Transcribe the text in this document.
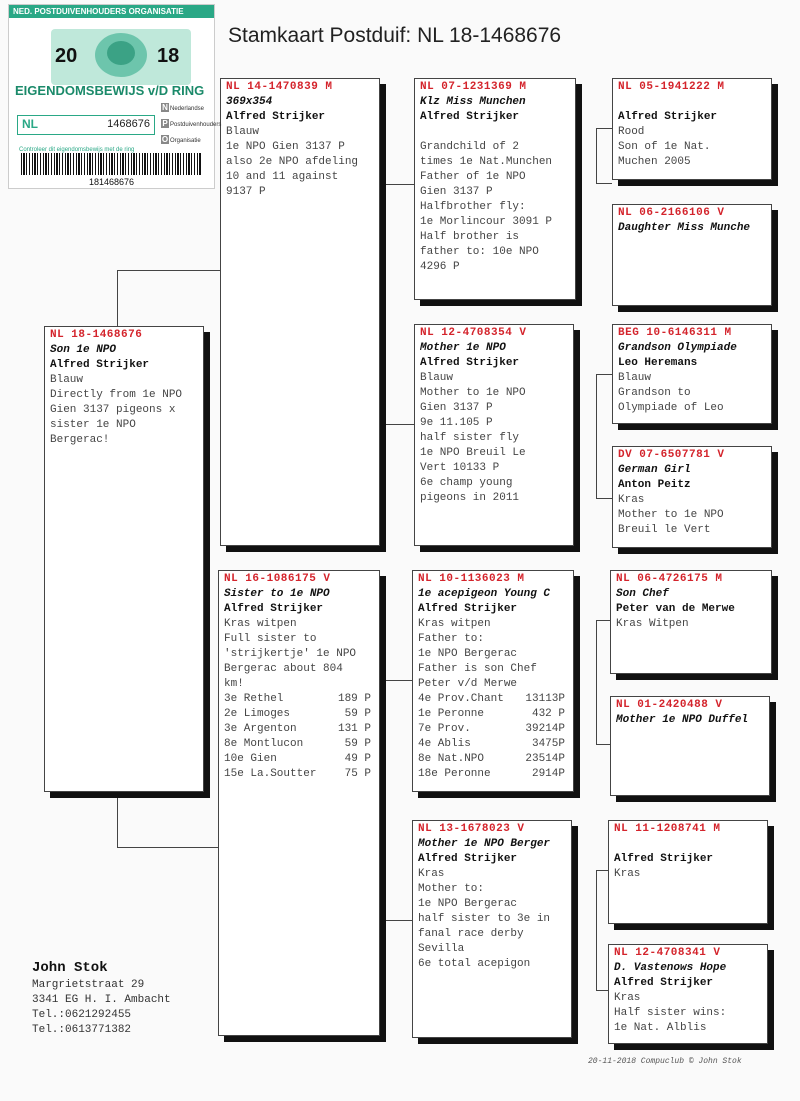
Stamkaart Postduif: NL 18-1468676
NL 18-1468676
Son 1e NPO
Alfred Strijker
Blauw
Directly from 1e NPO
Gien 3137 pigeons x
sister 1e NPO
Bergerac!
NL 14-1470839 M
369x354
Alfred Strijker
Blauw
1e NPO Gien 3137 P
also 2e NPO afdeling
10 and 11 against
9137 P
NL 16-1086175 V
Sister to 1e NPO
Alfred Strijker
Kras witpen
Full sister to
'strijkertje' 1e NPO
Bergerac about 804
km!
3e Rethel	189 P
2e Limoges	59 P
3e Argenton	131 P
8e Montlucon	59 P
10e Gien	49 P
15e La.Soutter	75 P
NL 07-1231369 M
Klz Miss Munchen
Alfred Strijker
Grandchild of 2
times 1e Nat.Munchen
Father of 1e NPO
Gien 3137 P
Halfbrother fly:
1e Morlincour 3091 P
Half brother is
father to: 10e NPO
4296 P
NL 12-4708354 V
Mother 1e NPO
Alfred Strijker
Blauw
Mother to 1e NPO
Gien 3137 P
9e 11.105 P
half sister fly
1e NPO Breuil Le
Vert 10133 P
6e champ young
pigeons in 2011
NL 10-1136023 M
1e acepigeon Young C
Alfred Strijker
Kras witpen
Father to:
1e NPO Bergerac
Father is son Chef
Peter v/d Merwe
4e Prov.Chant 13113P
1e Peronne	432 P
7e Prov.	39214P
4e Ablis	3475P
8e Nat.NPO	23514P
18e Peronne	2914P
NL 13-1678023 V
Mother 1e NPO Berger
Alfred Strijker
Kras
Mother to:
1e NPO Bergerac
half sister to 3e in
fanal race derby
Sevilla
6e total acepigon
NL 05-1941222 M
Alfred Strijker
Rood
Son of 1e Nat.
Muchen 2005
NL 06-2166106 V
Daughter Miss Munche
BEG 10-6146311 M
Grandson Olympiade
Leo Heremans
Blauw
Grandson to
Olympiade of Leo
DV 07-6507781 V
German Girl
Anton Peitz
Kras
Mother to 1e NPO
Breuil le Vert
NL 06-4726175 M
Son Chef
Peter van de Merwe
Kras Witpen
NL 01-2420488 V
Mother 1e NPO Duffel
NL 11-1208741 M
Alfred Strijker
Kras
NL 12-4708341 V
D. Vastenows Hope
Alfred Strijker
Kras
Half sister wins:
1e Nat. Alblis
NED. POSTDUIVENHOUDERS ORGANISATIE
20	18
EIGENDOMSBEWIJS v/D RING
N Nederlandse
P Postduivenhouders
O Organisatie
NL	1468676
Controleer dit eigendomsbewijs met de ring
181468676
John Stok
Margrietstraat 29
3341 EG H. I. Ambacht
Tel.:0621292455
Tel.:0613771382
20-11-2018 Compuclub © John Stok
